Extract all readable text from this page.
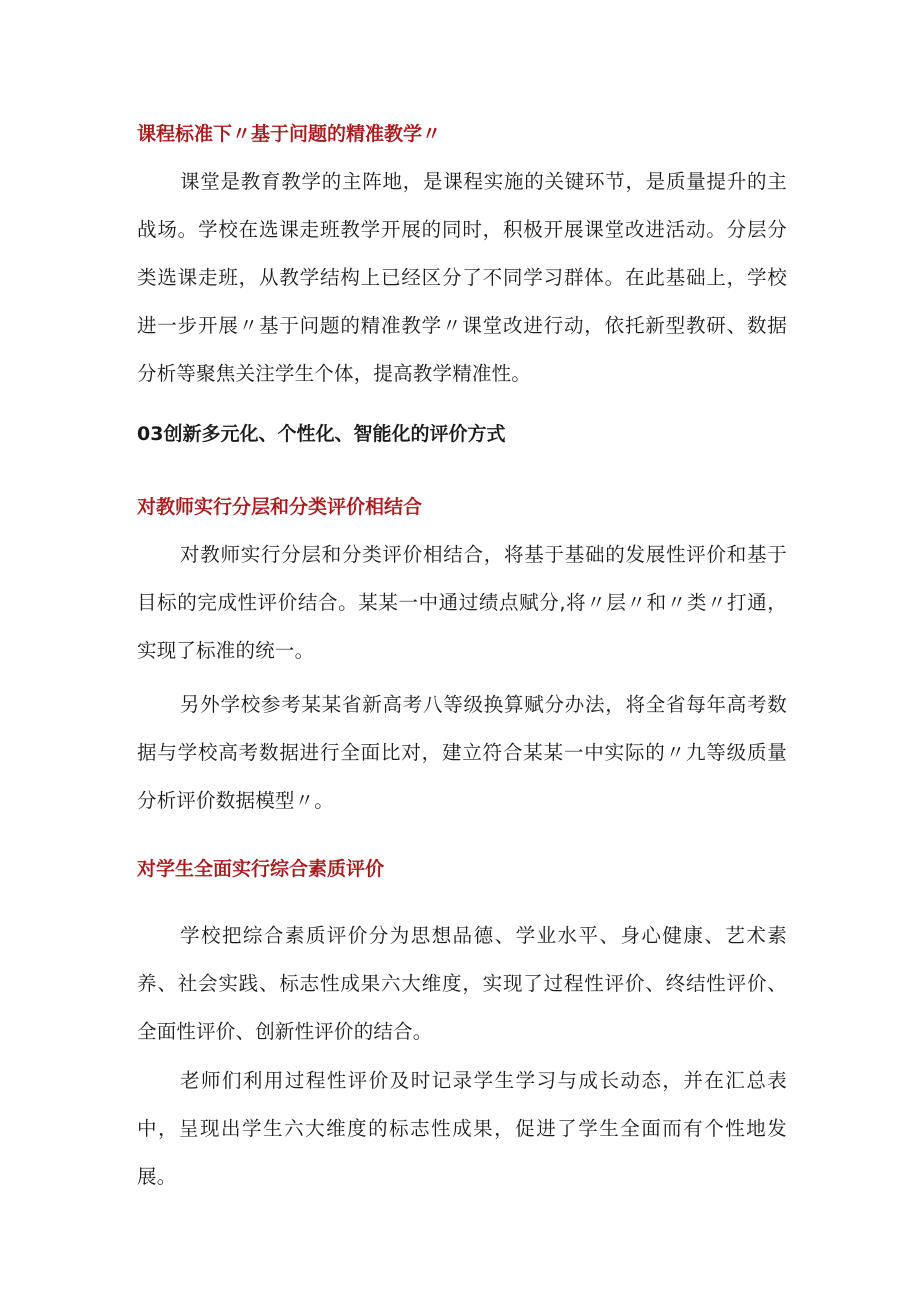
课程标准下〃基于问题的精准教学〃

课堂是教育教学的主阵地，是课程实施的关键环节，是质量提升的主战场。学校在选课走班教学开展的同时，积极开展课堂改进活动。分层分类选课走班，从教学结构上已经区分了不同学习群体。在此基础上，学校进一步开展〃基于问题的精准教学〃课堂改进行动，依托新型教研、数据分析等聚焦关注学生个体，提高教学精准性。

03创新多元化、个性化、智能化的评价方式
对教师实行分层和分类评价相结合

对教师实行分层和分类评价相结合，将基于基础的发展性评价和基于目标的完成性评价结合。某某一中通过绩点赋分,将〃层〃和〃类〃打通，实现了标准的统一。

另外学校参考某某省新高考八等级换算赋分办法，将全省每年高考数据与学校高考数据进行全面比对，建立符合某某一中实际的〃九等级质量分析评价数据模型〃。

对学生全面实行综合素质评价

学校把综合素质评价分为思想品德、学业水平、身心健康、艺术素养、社会实践、标志性成果六大维度，实现了过程性评价、终结性评价、全面性评价、创新性评价的结合。

老师们利用过程性评价及时记录学生学习与成长动态，并在汇总表中，呈现出学生六大维度的标志性成果，促进了学生全面而有个性地发展。
